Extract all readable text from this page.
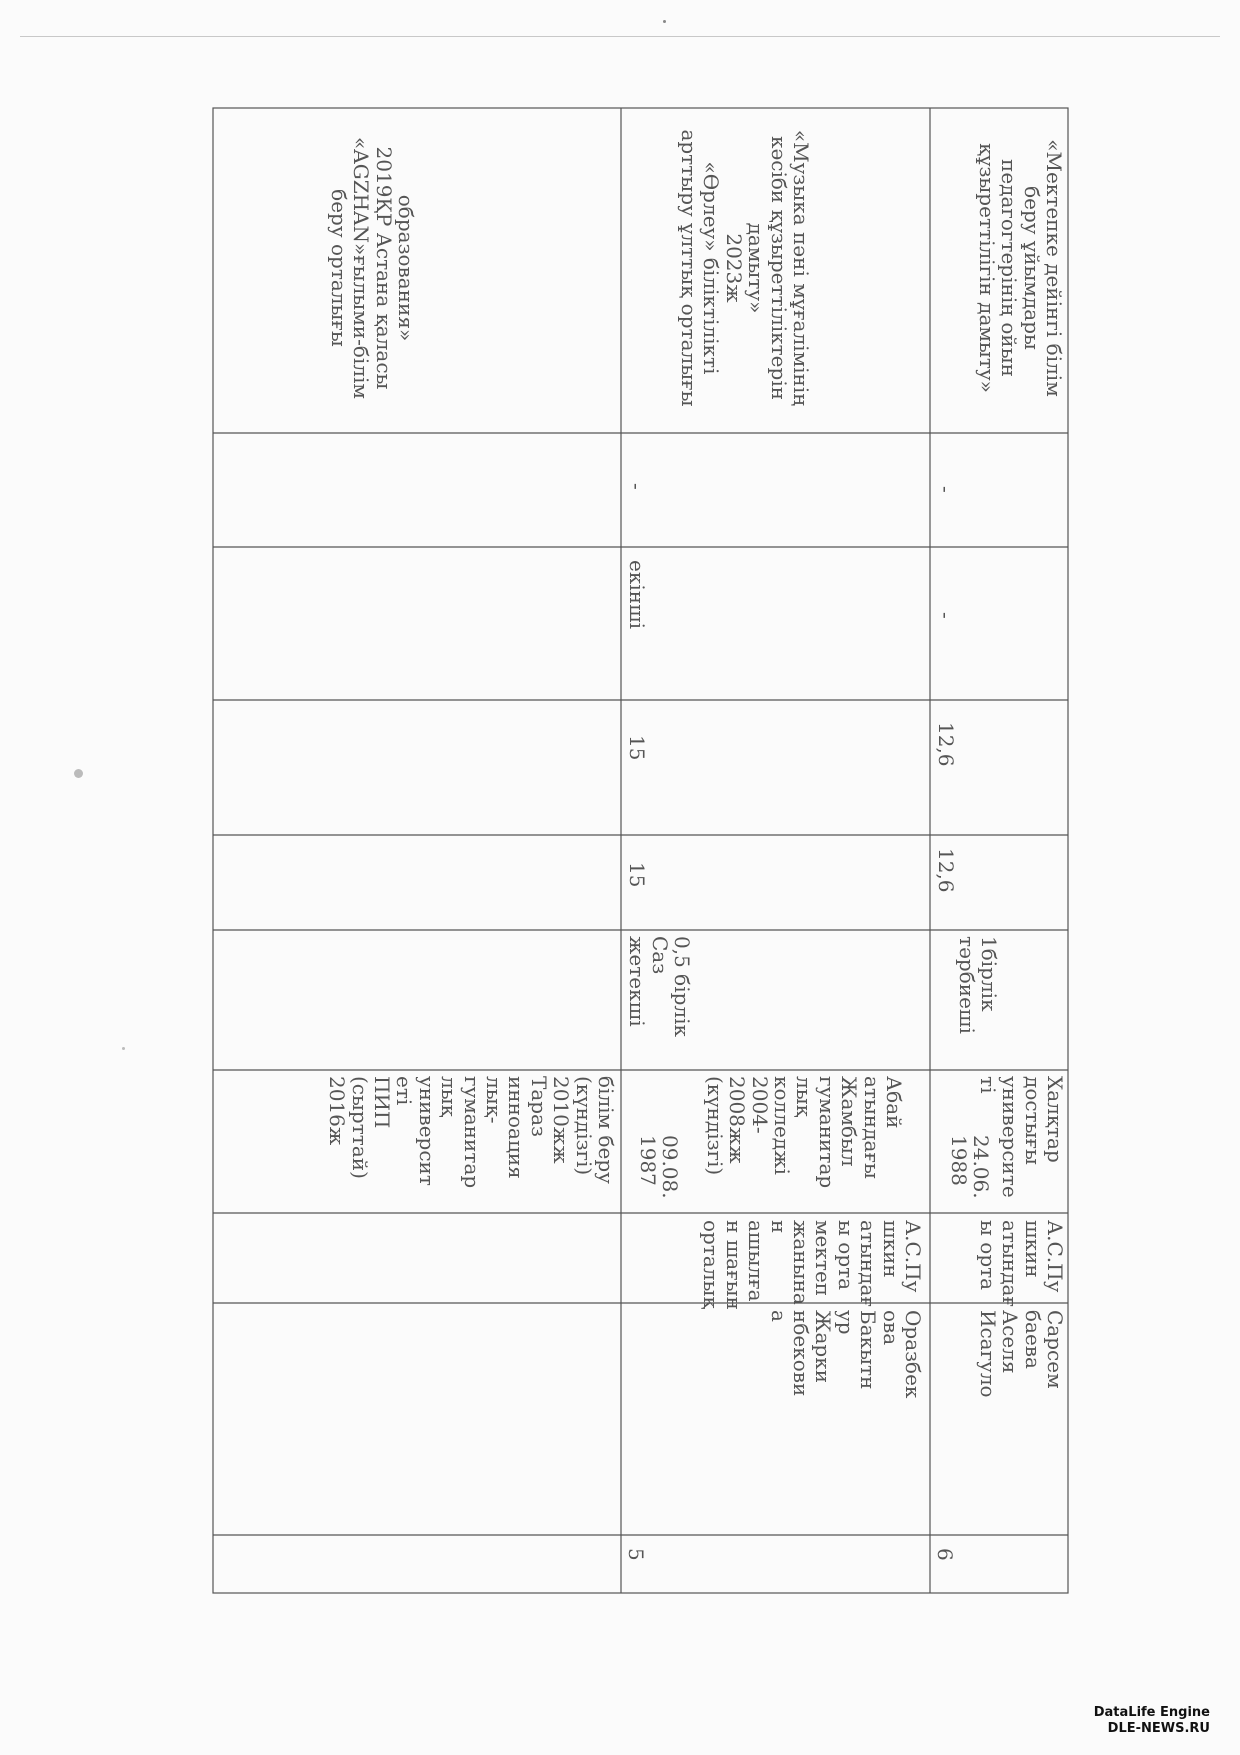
білім беру
(күндізгі)
2010жж
Тараз
инноация
лық-
гуманитар
лық
университ
еті
ПИП
(сырттай)
2016ж
образования»
2019ҚР Астана қаласы
«AGZHAN»ғылыми-білім
беру орталығы
5
Оразбек
ова
Бакытн
ур
Жарки
нбекови
а
А.С.Пу
шкин
атындағ
ы орта
мектеп
жанына
н
ашылға
н шағын
орталық
09.08.
1987
Абай
атындағы
Жамбыл
гуманитар
лық
колледжі
2004-
2008жж
(күндізгі)
0,5 бірлік
Саз
жетекші
15
15
екінші
-
«Музыка пәні мұғалімінің
кәсіби құзыреттіліктерін
дамыту»
2023ж
«Өрлеу» біліктілікті
арттыру ұлттық орталығы
6
Сарсем
баева
Аселя
Исагуло
А.С.Пу
шкин
атындағ
ы орта
24.06.
1988	Халқтар
достығы
университе
ті
1бірлік
тәрбиеші
12,6
12,6
-
-
«Мектепке дейінгі білім
беру ұйымдары
педагогтерінің ойын
құзыреттілігін дамыту»
DataLife Engine
DLE-NEWS.RU
